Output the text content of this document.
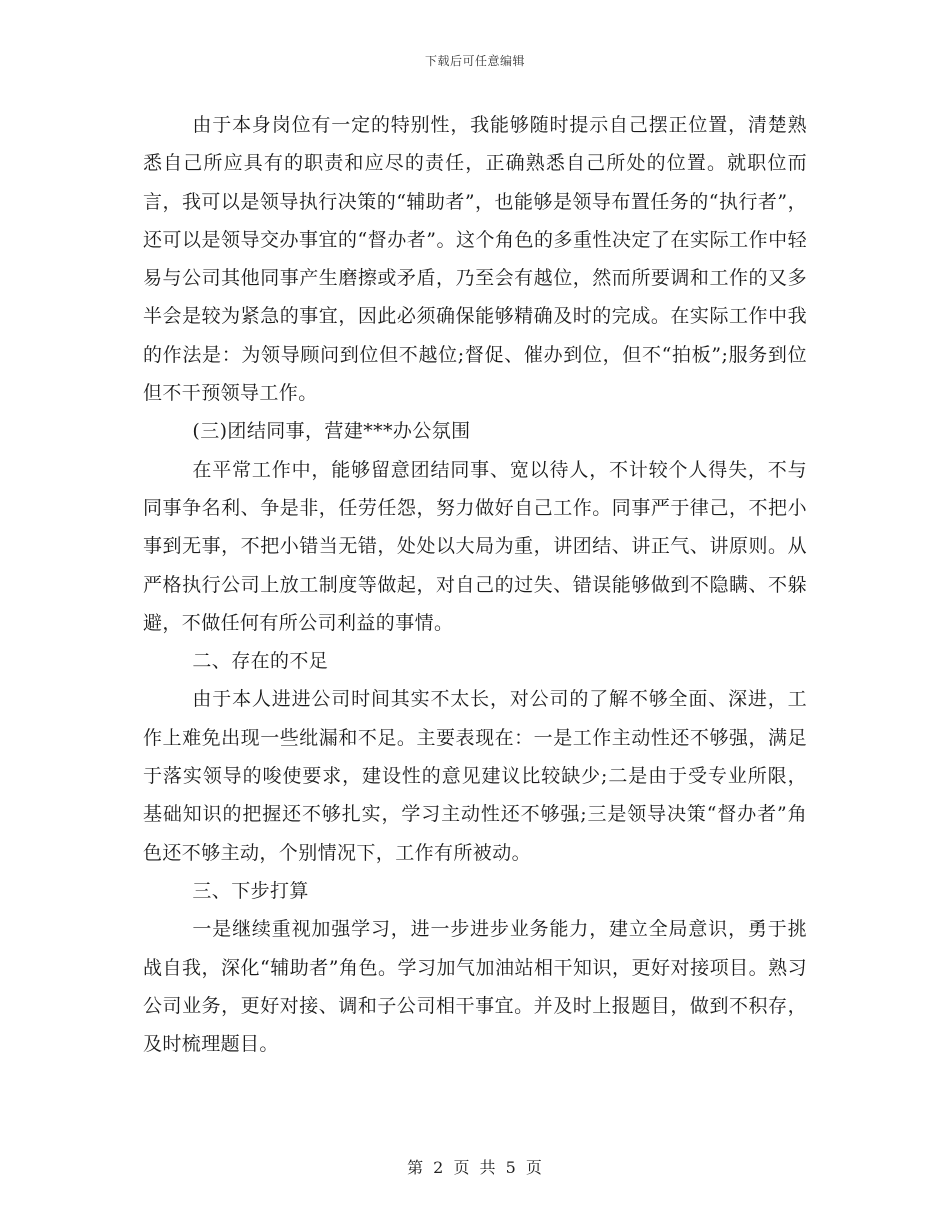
下载后可任意编辑

由于本身岗位有一定的特别性，我能够随时提示自己摆正位置，清楚熟悉自己所应具有的职责和应尽的责任，正确熟悉自己所处的位置。就职位而言，我可以是领导执行决策的“辅助者”，也能够是领导布置任务的“执行者”，还可以是领导交办事宜的“督办者”。这个角色的多重性决定了在实际工作中轻易与公司其他同事产生磨擦或矛盾，乃至会有越位，然而所要调和工作的又多半会是较为紧急的事宜，因此必须确保能够精确及时的完成。在实际工作中我的作法是：为领导顾问到位但不越位;督促、催办到位，但不“拍板”;服务到位但不干预领导工作。

(三)团结同事，营建***办公氛围

在平常工作中，能够留意团结同事、宽以待人，不计较个人得失，不与同事争名利、争是非，任劳任怨，努力做好自己工作。同事严于律己，不把小事到无事，不把小错当无错，处处以大局为重，讲团结、讲正气、讲原则。从严格执行公司上放工制度等做起，对自己的过失、错误能够做到不隐瞒、不躲避，不做任何有所公司利益的事情。

二、存在的不足

由于本人进进公司时间其实不太长，对公司的了解不够全面、深进，工作上难免出现一些纰漏和不足。主要表现在：一是工作主动性还不够强，满足于落实领导的唆使要求，建设性的意见建议比较缺少;二是由于受专业所限，基础知识的把握还不够扎实，学习主动性还不够强;三是领导决策“督办者”角色还不够主动，个别情况下，工作有所被动。

三、下步打算

一是继续重视加强学习，进一步进步业务能力，建立全局意识，勇于挑战自我，深化“辅助者”角色。学习加气加油站相干知识，更好对接项目。熟习公司业务，更好对接、调和子公司相干事宜。并及时上报题目，做到不积存，及时梳理题目。

第 2 页 共 5 页
